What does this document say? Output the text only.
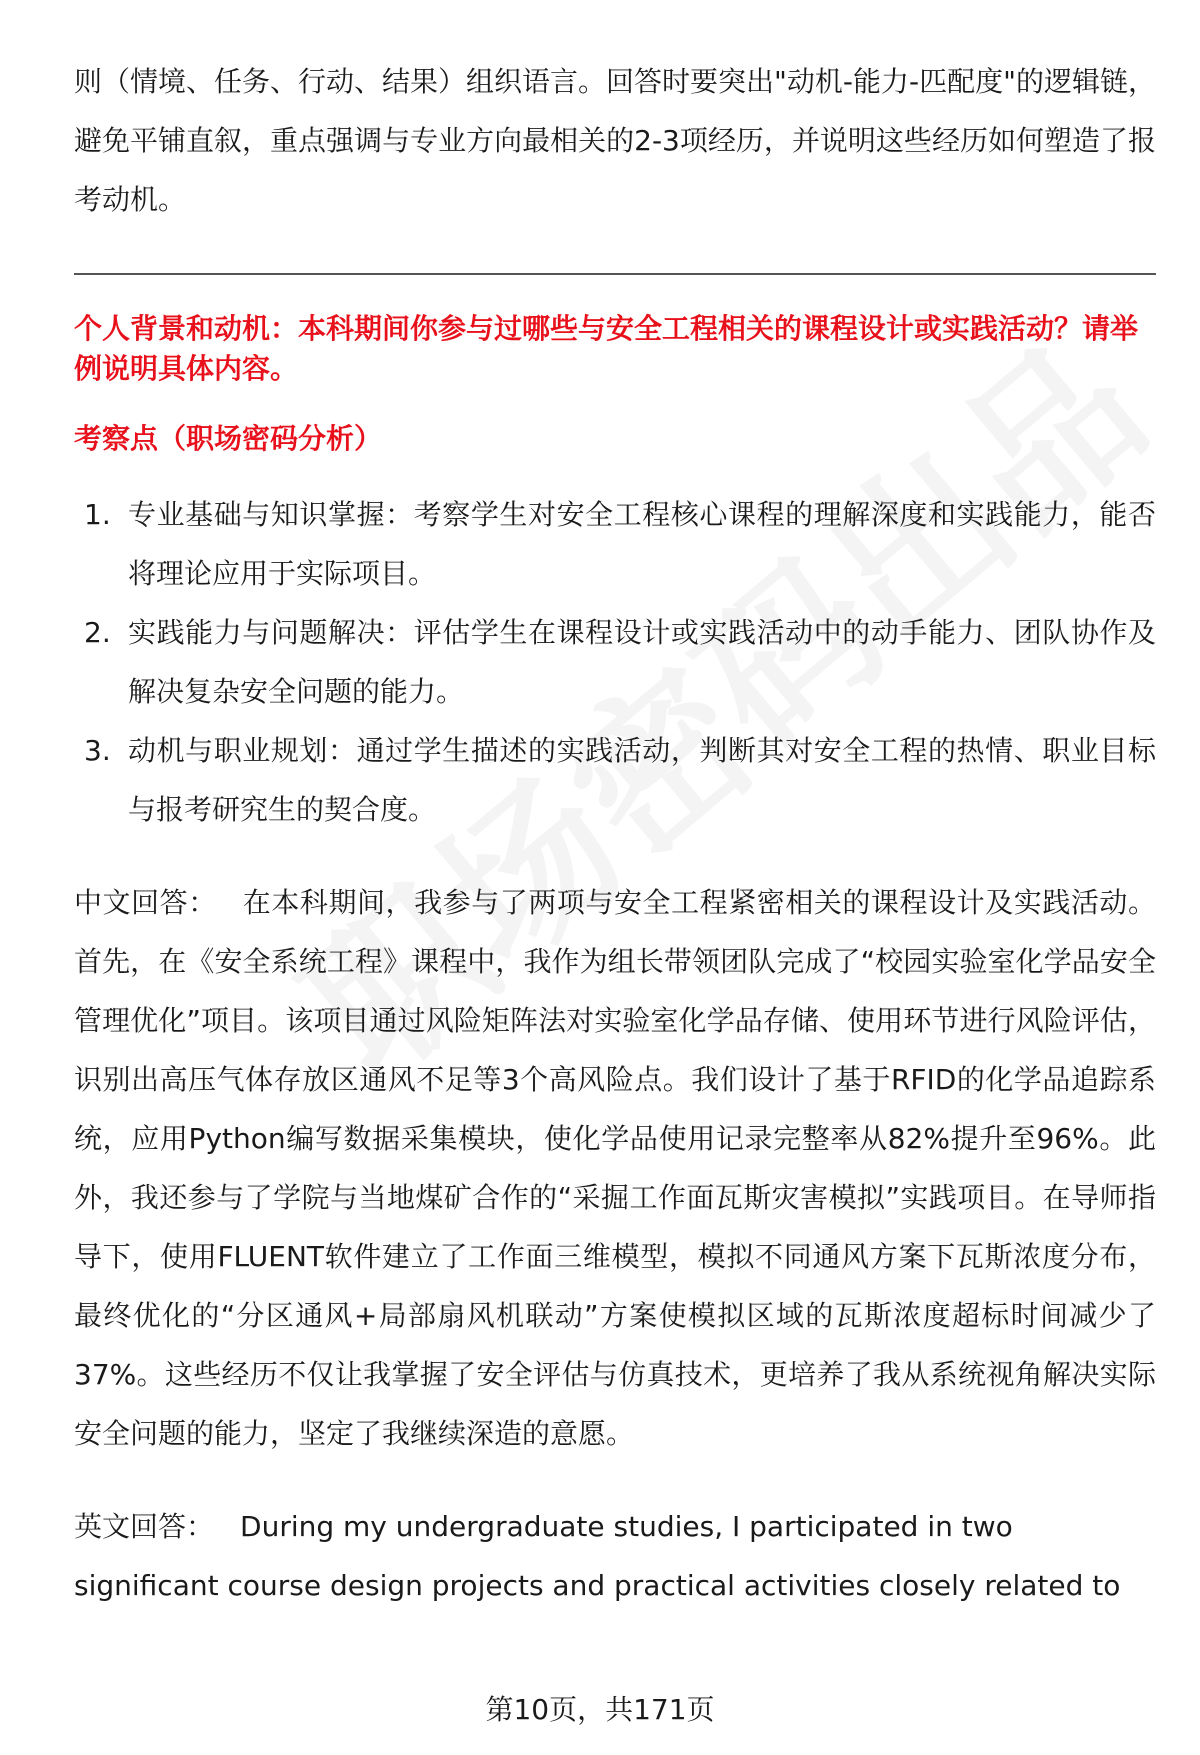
则（情境、任务、行动、结果）组织语言。回答时要突出"动机-能力-匹配度"的逻辑链，避免平铺直叙，重点强调与专业方向最相关的2-3项经历，并说明这些经历如何塑造了报考动机。

个人背景和动机：本科期间你参与过哪些与安全工程相关的课程设计或实践活动？请举例说明具体内容。

考察点（职场密码分析）

1. 专业基础与知识掌握：考察学生对安全工程核心课程的理解深度和实践能力，能否将理论应用于实际项目。
2. 实践能力与问题解决：评估学生在课程设计或实践活动中的动手能力、团队协作及解决复杂安全问题的能力。
3. 动机与职业规划：通过学生描述的实践活动，判断其对安全工程的热情、职业目标与报考研究生的契合度。

中文回答： 在本科期间，我参与了两项与安全工程紧密相关的课程设计及实践活动。首先，在《安全系统工程》课程中，我作为组长带领团队完成了“校园实验室化学品安全管理优化”项目。该项目通过风险矩阵法对实验室化学品存储、使用环节进行风险评估，识别出高压气体存放区通风不足等3个高风险点。我们设计了基于RFID的化学品追踪系统，应用Python编写数据采集模块，使化学品使用记录完整率从82%提升至96%。此外，我还参与了学院与当地煤矿合作的“采掘工作面瓦斯灾害模拟”实践项目。在导师指导下，使用FLUENT软件建立了工作面三维模型，模拟不同通风方案下瓦斯浓度分布，最终优化的“分区通风+局部扇风机联动”方案使模拟区域的瓦斯浓度超标时间减少了37%。这些经历不仅让我掌握了安全评估与仿真技术，更培养了我从系统视角解决实际安全问题的能力，坚定了我继续深造的意愿。

英文回答： During my undergraduate studies, I participated in two significant course design projects and practical activities closely related to

第10页，共171页
